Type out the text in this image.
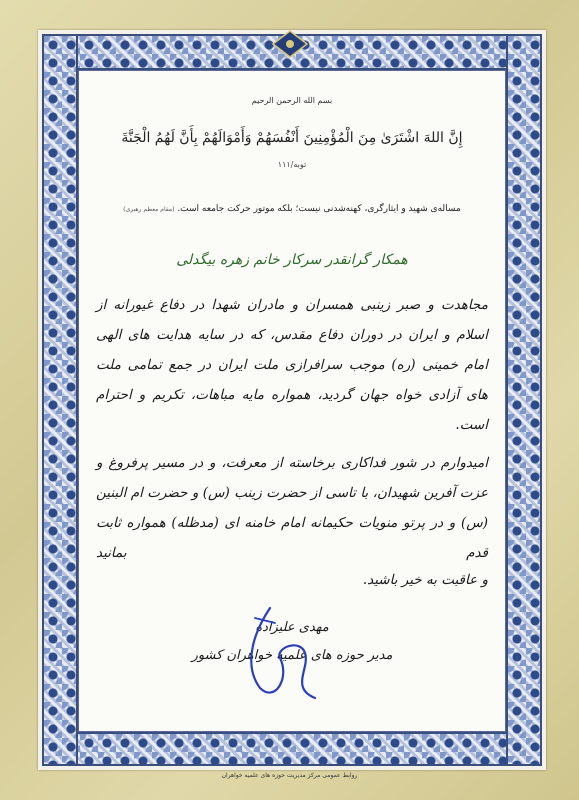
بسم الله الرحمن الرحیم
إِنَّ اللهَ اشْتَرَیٰ مِنَ الْمُؤْمِنِینَ أَنْفُسَهُمْ وَأَمْوَالَهُمْ بِأَنَّ لَهُمُ الْجَنَّةَ
توبه/۱۱۱
مساله‌ی شهید و ایثارگری، کهنه‌شدنی نیست؛ بلکه موتور حرکت جامعه است. (مقام معظم رهبری)
همکار گرانقدر سرکار خانم زهره بیگدلی
مجاهدت و صبر زینبی همسران و مادران شهدا در دفاع غیورانه از اسلام و ایران در دوران دفاع مقدس، که در سایه هدایت های الهی امام خمینی (ره) موجب سرافرازی ملت ایران در جمع تمامی ملت های آزادی خواه جهان گردید، همواره مایه مباهات، تکریم و احترام است.
امیدوارم در شور فداکاری برخاسته از معرفت، و در مسیر پرفروغ و عزت آفرین شهیدان، با تاسی از حضرت زینب (س) و حضرت ام البنین (س) و در پرتو منویات حکیمانه امام خامنه ای (مدظله) همواره ثابت قدم بمانید
و عاقبت به خیر باشید.
مهدی علیزاده
مدیر حوزه های علمیه خواهران کشور
روابط عمومی مرکز مدیریت حوزه های علمیه خواهران
